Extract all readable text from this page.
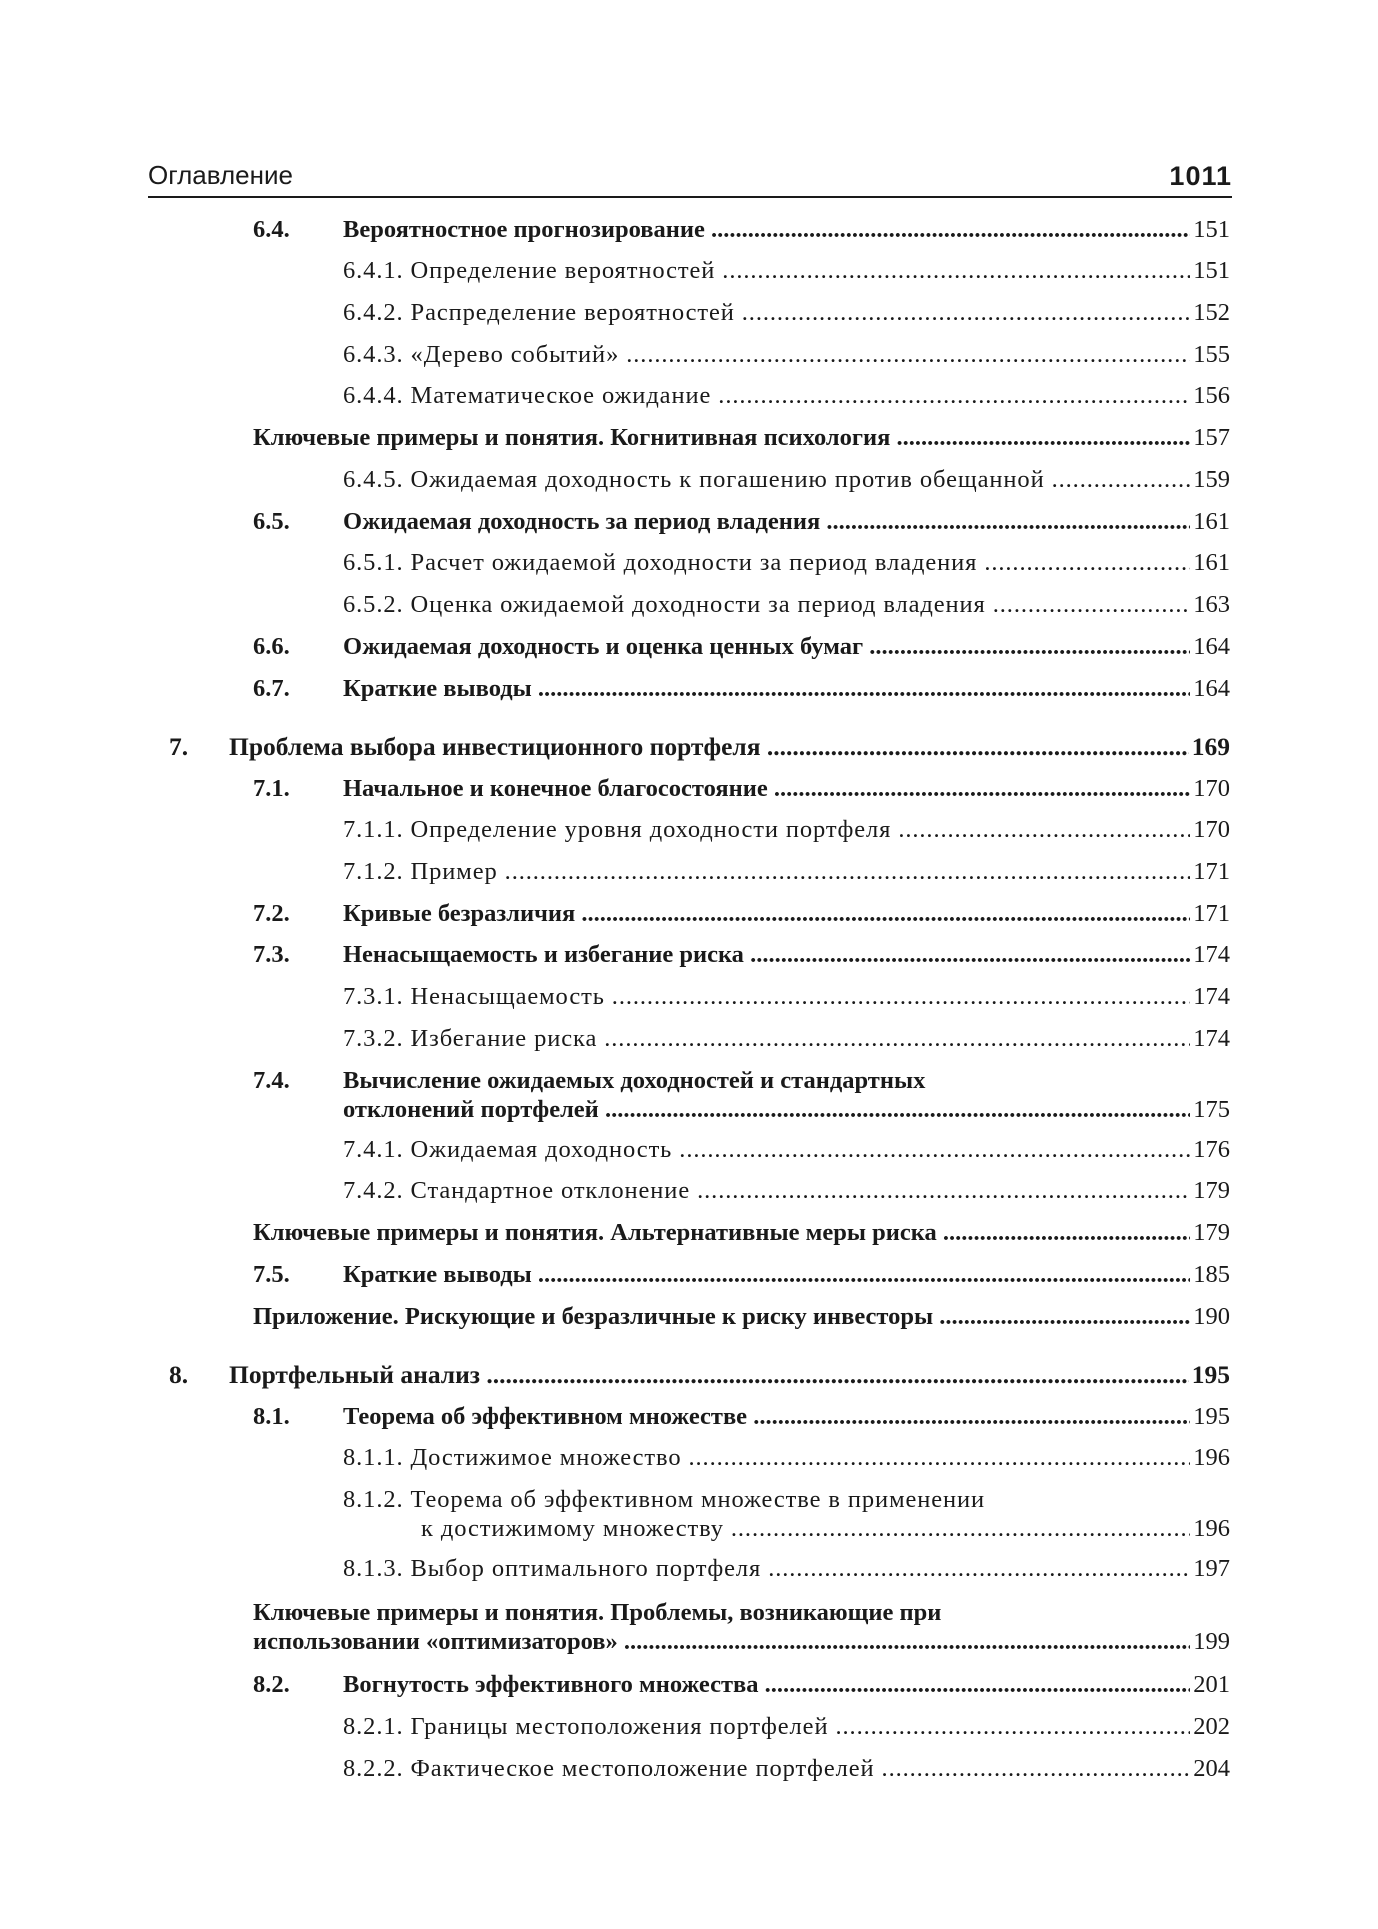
Оглавление	1011
6.4.	Вероятностное прогнозирование .....	151
6.4.1. Определение вероятностей .....	151
6.4.2. Распределение вероятностей .....	152
6.4.3. «Дерево событий» .....	155
6.4.4. Математическое ожидание .....	156
Ключевые примеры и понятия. Когнитивная психология .....	157
6.4.5. Ожидаемая доходность к погашению против обещанной .....	159
6.5.	Ожидаемая доходность за период владения .....	161
6.5.1. Расчет ожидаемой доходности за период владения .....	161
6.5.2. Оценка ожидаемой доходности за период владения .....	163
6.6.	Ожидаемая доходность и оценка ценных бумаг .....	164
6.7.	Краткие выводы .....	164
7.	Проблема выбора инвестиционного портфеля .....	169
7.1.	Начальное и конечное благосостояние .....	170
7.1.1. Определение уровня доходности портфеля .....	170
7.1.2. Пример .....	171
7.2.	Кривые безразличия .....	171
7.3.	Ненасыщаемость и избегание риска .....	174
7.3.1. Ненасыщаемость .....	174
7.3.2. Избегание риска .....	174
7.4.	Вычисление ожидаемых доходностей и стандартных
отклонений портфелей .....	175
7.4.1. Ожидаемая доходность .....	176
7.4.2. Стандартное отклонение .....	179
Ключевые примеры и понятия. Альтернативные меры риска .....	179
7.5.	Краткие выводы .....	185
Приложение. Рискующие и безразличные к риску инвесторы .....	190
8.	Портфельный анализ .....	195
8.1.	Теорема об эффективном множестве .....	195
8.1.1. Достижимое множество .....	196
8.1.2. Теорема об эффективном множестве в применении
к достижимому множеству .....	196
8.1.3. Выбор оптимального портфеля .....	197
Ключевые примеры и понятия. Проблемы, возникающие при
использовании «оптимизаторов» .....	199
8.2.	Вогнутость эффективного множества .....	201
8.2.1. Границы местоположения портфелей .....	202
8.2.2. Фактическое местоположение портфелей .....	204
